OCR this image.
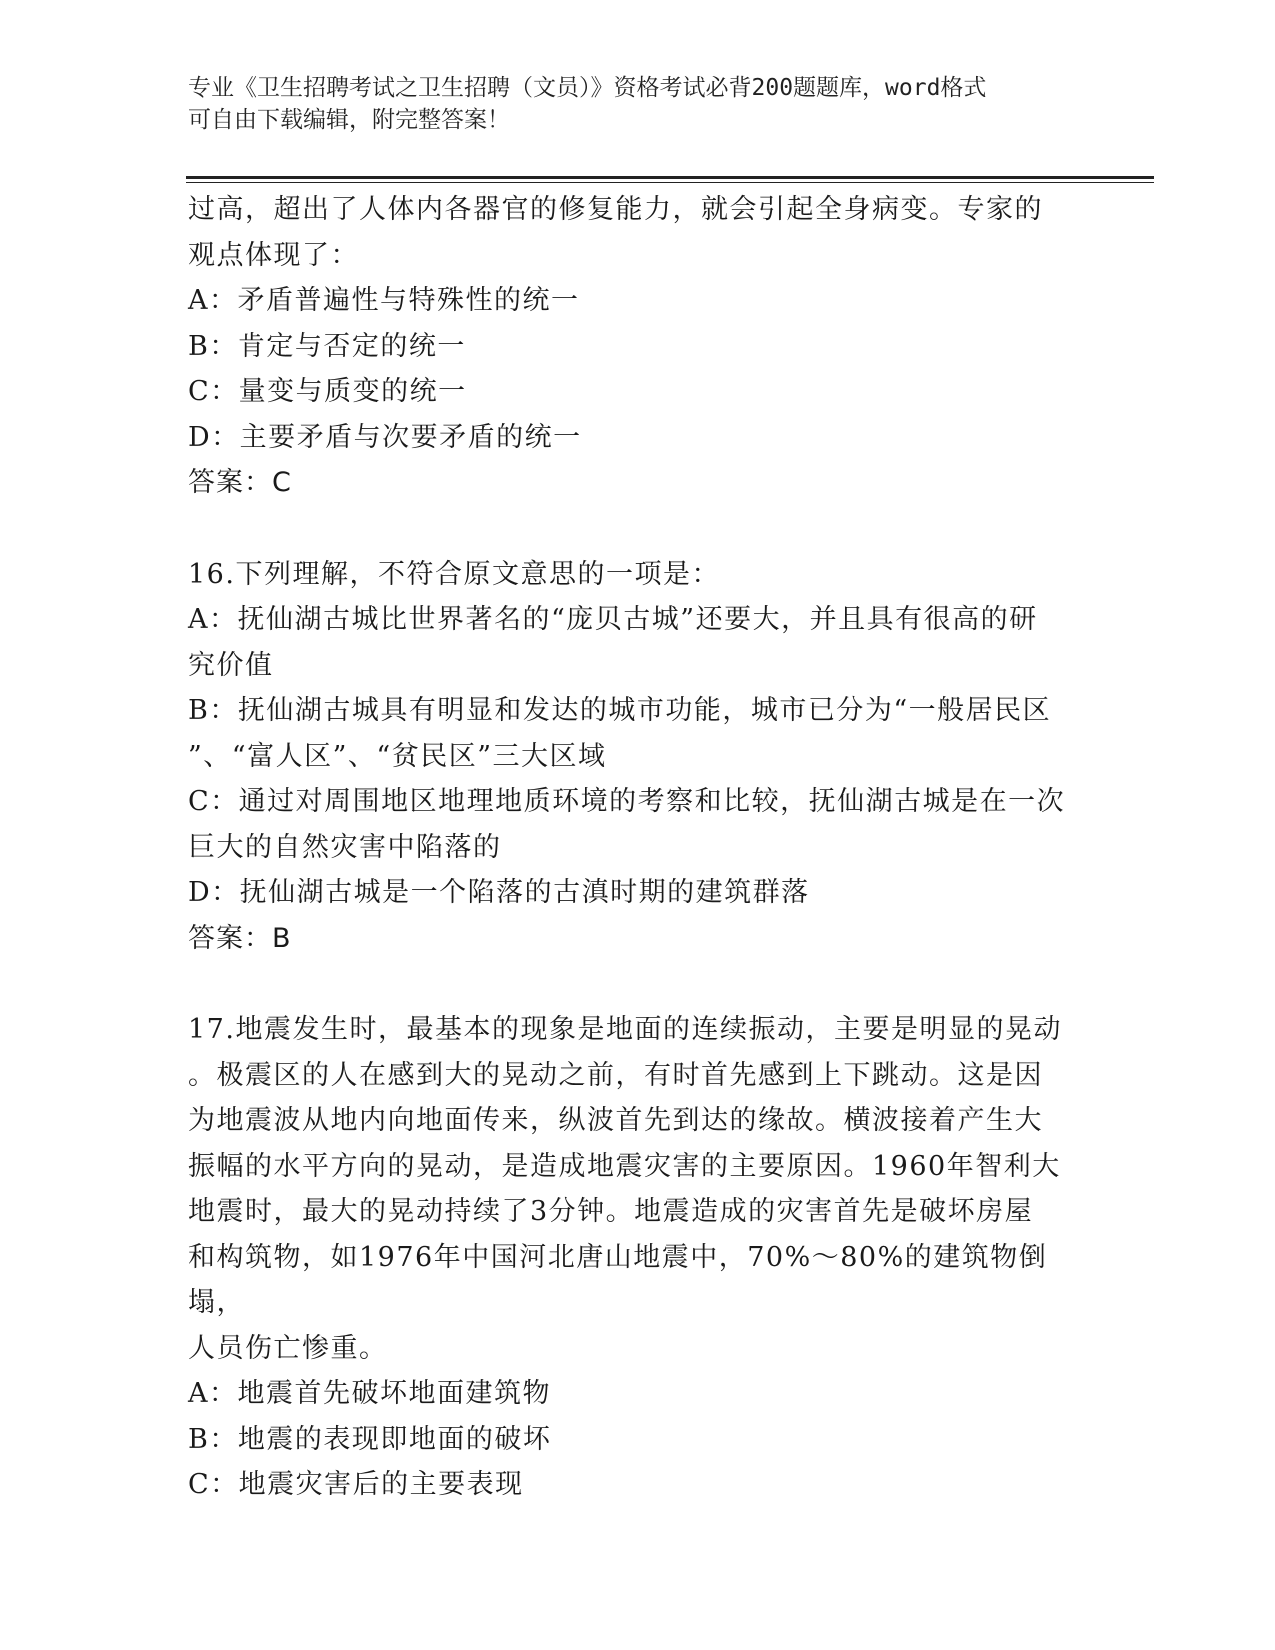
专业《卫生招聘考试之卫生招聘（文员）》资格考试必背200题题库，word格式
可自由下载编辑，附完整答案！

过高，超出了人体内各器官的修复能力，就会引起全身病变。专家的

观点体现了：

A：矛盾普遍性与特殊性的统一

B：肯定与否定的统一

C：量变与质变的统一

D：主要矛盾与次要矛盾的统一

答案：C

16.下列理解，不符合原文意思的一项是：

A：抚仙湖古城比世界著名的“庞贝古城”还要大，并且具有很高的研

究价值

B：抚仙湖古城具有明显和发达的城市功能，城市已分为“一般居民区

”、“富人区”、“贫民区”三大区域

C：通过对周围地区地理地质环境的考察和比较，抚仙湖古城是在一次

巨大的自然灾害中陷落的

D：抚仙湖古城是一个陷落的古滇时期的建筑群落

答案：B

17.地震发生时，最基本的现象是地面的连续振动，主要是明显的晃动

。极震区的人在感到大的晃动之前，有时首先感到上下跳动。这是因

为地震波从地内向地面传来，纵波首先到达的缘故。横波接着产生大

振幅的水平方向的晃动，是造成地震灾害的主要原因。1960年智利大

地震时，最大的晃动持续了3分钟。地震造成的灾害首先是破坏房屋

和构筑物，如1976年中国河北唐山地震中，70%～80%的建筑物倒塌，

人员伤亡惨重。

A：地震首先破坏地面建筑物

B：地震的表现即地面的破坏

C：地震灾害后的主要表现
